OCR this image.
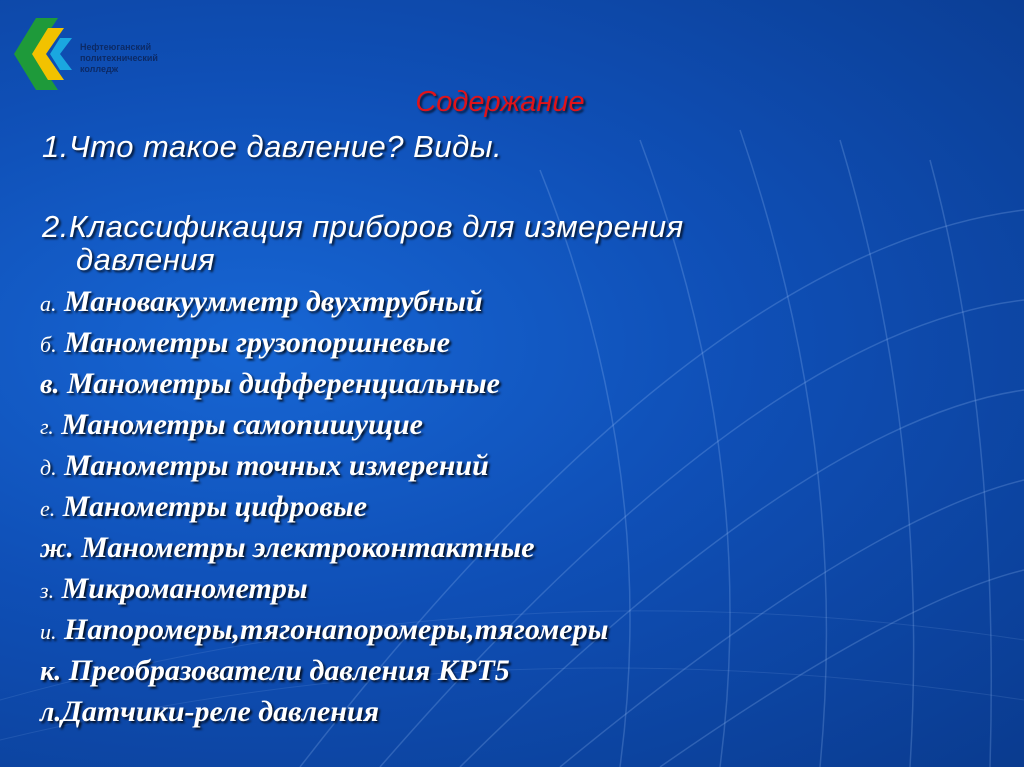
Нефтеюганский
политехнический
колледж
Содержание
1.Что такое давление? Виды.
2.Классификация приборов для измерения
давления
а. Мановакуумметр двухтрубный
б. Манометры грузопоршневые
в. Манометры дифференциальные
г. Манометры самопишущие
д. Манометры точных измерений
е. Манометры цифровые
ж. Манометры электроконтактные
з. Микроманометры
и. Напоромеры,тягонапоромеры,тягомеры
к. Преобразователи давления КРТ5
л.Датчики-реле давления
